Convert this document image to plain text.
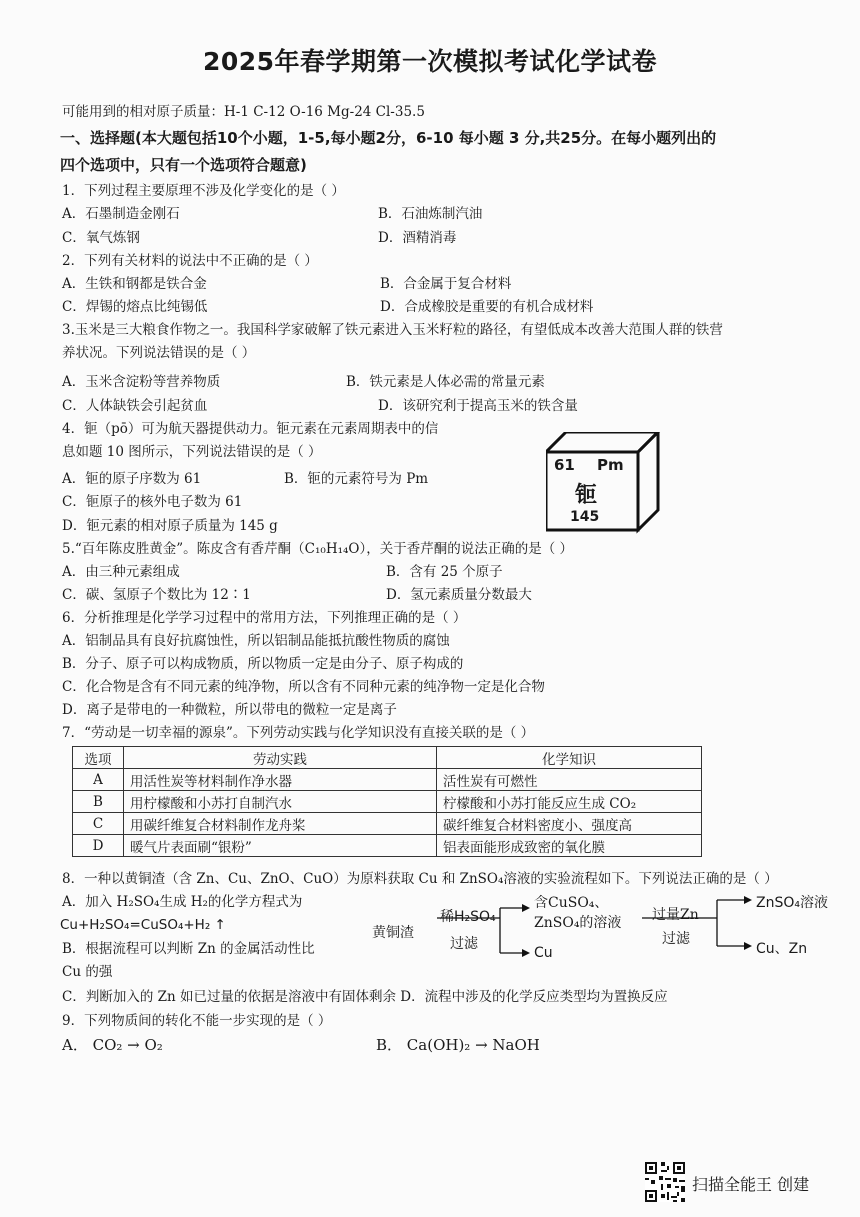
2025年春学期第一次模拟考试化学试卷
可能用到的相对原子质量：H-1 C-12 O-16 Mg-24 Cl-35.5
一、选择题(本大题包括10个小题，1-5,每小题2分，6-10 每小题 3 分,共25分。在每小题列出的
四个选项中，只有一个选项符合题意)
1．下列过程主要原理不涉及化学变化的是（ ）
A．石墨制造金刚石	B．石油炼制汽油
C．氧气炼钢	D．酒精消毒
2．下列有关材料的说法中不正确的是（ ）
A．生铁和钢都是铁合金	B．合金属于复合材料
C．焊锡的熔点比纯锡低	D．合成橡胶是重要的有机合成材料
3.玉米是三大粮食作物之一。我国科学家破解了铁元素进入玉米籽粒的路径，有望低成本改善大范围人群的铁营
养状况。下列说法错误的是（ ）
A．玉米含淀粉等营养物质	B．铁元素是人体必需的常量元素
C．人体缺铁会引起贫血	D．该研究利于提高玉米的铁含量
4．钷（pō）可为航天器提供动力。钷元素在元素周期表中的信
息如题 10 图所示，下列说法错误的是（ ）
A．钷的原子序数为 61	B．钷的元素符号为 Pm
C．钷原子的核外电子数为 61
D．钷元素的相对原子质量为 145 g
61 Pm
钷
145
5.“百年陈皮胜黄金”。陈皮含有香芹酮（C₁₀H₁₄O），关于香芹酮的说法正确的是（ ）
A．由三种元素组成	B．含有 25 个原子
C．碳、氢原子个数比为 12∶1	D．氢元素质量分数最大
6．分析推理是化学学习过程中的常用方法，下列推理正确的是（ ）
A．铝制品具有良好抗腐蚀性，所以铝制品能抵抗酸性物质的腐蚀
B．分子、原子可以构成物质，所以物质一定是由分子、原子构成的
C．化合物是含有不同元素的纯净物，所以含有不同种元素的纯净物一定是化合物
D．离子是带电的一种微粒，所以带电的微粒一定是离子
7．“劳动是一切幸福的源泉”。下列劳动实践与化学知识没有直接关联的是（ ）
选项	劳动实践	化学知识
A	用活性炭等材料制作净水器	活性炭有可燃性
B	用柠檬酸和小苏打自制汽水	柠檬酸和小苏打能反应生成 CO₂
C	用碳纤维复合材料制作龙舟桨	碳纤维复合材料密度小、强度高
D	暖气片表面刷“银粉”	铝表面能形成致密的氧化膜
8．一种以黄铜渣（含 Zn、Cu、ZnO、CuO）为原料获取 Cu 和 ZnSO₄溶液的实验流程如下。下列说法正确的是（ ）
A．加入 H₂SO₄生成 H₂的化学方程式为
Cu+H₂SO₄=CuSO₄+H₂ ↑
B．根据流程可以判断 Zn 的金属活动性比
Cu 的强
C．判断加入的 Zn 如已过量的依据是溶液中有固体剩余 D．流程中涉及的化学反应类型均为置换反应
黄铜渣
稀H₂SO₄
过滤
含CuSO₄、
ZnSO₄的溶液
Cu
过量Zn
过滤
ZnSO₄溶液
Cu、Zn
9．下列物质间的转化不能一步实现的是（ ）
A． CO₂ → O₂	B． Ca(OH)₂ → NaOH
扫描全能王 创建
